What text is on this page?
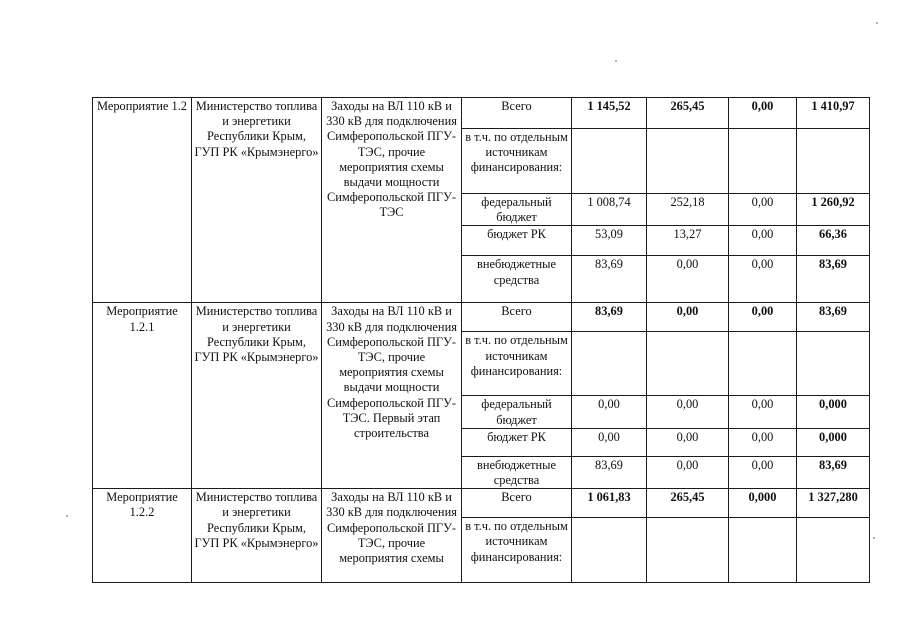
Мероприятие 1.2	Министерство топлива и энергетики Республики Крым, ГУП РК «Крымэнерго»	Заходы на ВЛ 110 кВ и 330 кВ для подключения Симферопольской ПГУ-ТЭС, прочие мероприятия схемы выдачи мощности Симферопольской ПГУ-ТЭС	Всего	1 145,52	265,45	0,00	1 410,97
			в т.ч. по отдельным источникам финансирования:				
			федеральный бюджет	1 008,74	252,18	0,00	1 260,92
			бюджет РК	53,09	13,27	0,00	66,36
			внебюджетные средства	83,69	0,00	0,00	83,69
Мероприятие 1.2.1	Министерство топлива и энергетики Республики Крым, ГУП РК «Крымэнерго»	Заходы на ВЛ 110 кВ и 330 кВ для подключения Симферопольской ПГУ-ТЭС, прочие мероприятия схемы выдачи мощности Симферопольской ПГУ-ТЭС. Первый этап строительства	Всего	83,69	0,00	0,00	83,69
			в т.ч. по отдельным источникам финансирования:				
			федеральный бюджет	0,00	0,00	0,00	0,000
			бюджет РК	0,00	0,00	0,00	0,000
			внебюджетные средства	83,69	0,00	0,00	83,69
Мероприятие 1.2.2	Министерство топлива и энергетики Республики Крым, ГУП РК «Крымэнерго»	Заходы на ВЛ 110 кВ и 330 кВ для подключения Симферопольской ПГУ-ТЭС, прочие мероприятия схемы	Всего	1 061,83	265,45	0,000	1 327,280
			в т.ч. по отдельным источникам финансирования:				
